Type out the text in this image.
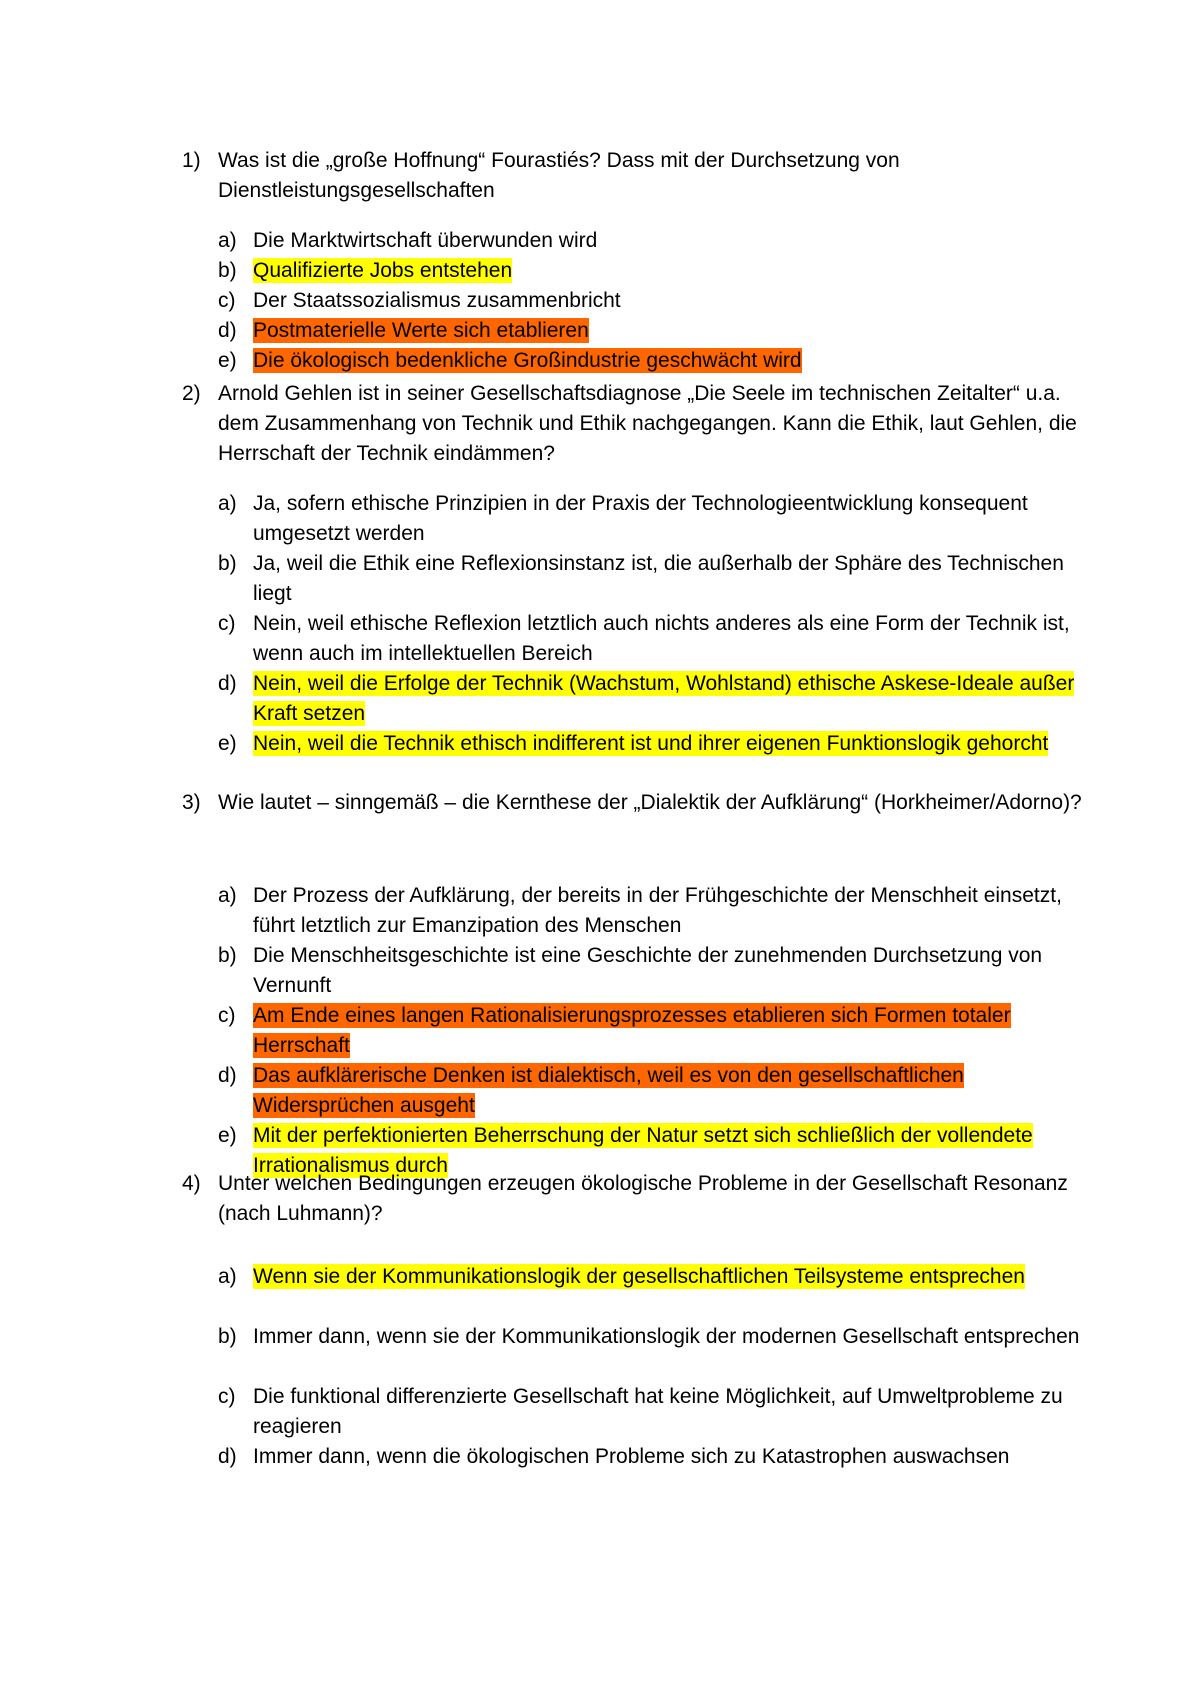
1) Was ist die „große Hoffnung“ Fourastiés? Dass mit der Durchsetzung von Dienstleistungsgesellschaften
a) Die Marktwirtschaft überwunden wird
b) Qualifizierte Jobs entstehen
c) Der Staatssozialismus zusammenbricht
d) Postmaterielle Werte sich etablieren
e) Die ökologisch bedenkliche Großindustrie geschwächt wird
2) Arnold Gehlen ist in seiner Gesellschaftsdiagnose „Die Seele im technischen Zeitalter“ u.a. dem Zusammenhang von Technik und Ethik nachgegangen. Kann die Ethik, laut Gehlen, die Herrschaft der Technik eindämmen?
a) Ja, sofern ethische Prinzipien in der Praxis der Technologieentwicklung konsequent umgesetzt werden
b) Ja, weil die Ethik eine Reflexionsinstanz ist, die außerhalb der Sphäre des Technischen liegt
c) Nein, weil ethische Reflexion letztlich auch nichts anderes als eine Form der Technik ist, wenn auch im intellektuellen Bereich
d) Nein, weil die Erfolge der Technik (Wachstum, Wohlstand) ethische Askese-Ideale außer Kraft setzen
e) Nein, weil die Technik ethisch indifferent ist und ihrer eigenen Funktionslogik gehorcht
3) Wie lautet – sinngemäß – die Kernthese der „Dialektik der Aufklärung“ (Horkheimer/Adorno)?
a) Der Prozess der Aufklärung, der bereits in der Frühgeschichte der Menschheit einsetzt, führt letztlich zur Emanzipation des Menschen
b) Die Menschheitsgeschichte ist eine Geschichte der zunehmenden Durchsetzung von Vernunft
c) Am Ende eines langen Rationalisierungsprozesses etablieren sich Formen totaler Herrschaft
d) Das aufklärerische Denken ist dialektisch, weil es von den gesellschaftlichen Widersprüchen ausgeht
e) Mit der perfektionierten Beherrschung der Natur setzt sich schließlich der vollendete Irrationalismus durch
4) Unter welchen Bedingungen erzeugen ökologische Probleme in der Gesellschaft Resonanz (nach Luhmann)?
a) Wenn sie der Kommunikationslogik der gesellschaftlichen Teilsysteme entsprechen
b) Immer dann, wenn sie der Kommunikationslogik der modernen Gesellschaft entsprechen
c) Die funktional differenzierte Gesellschaft hat keine Möglichkeit, auf Umweltprobleme zu reagieren
d) Immer dann, wenn die ökologischen Probleme sich zu Katastrophen auswachsen
